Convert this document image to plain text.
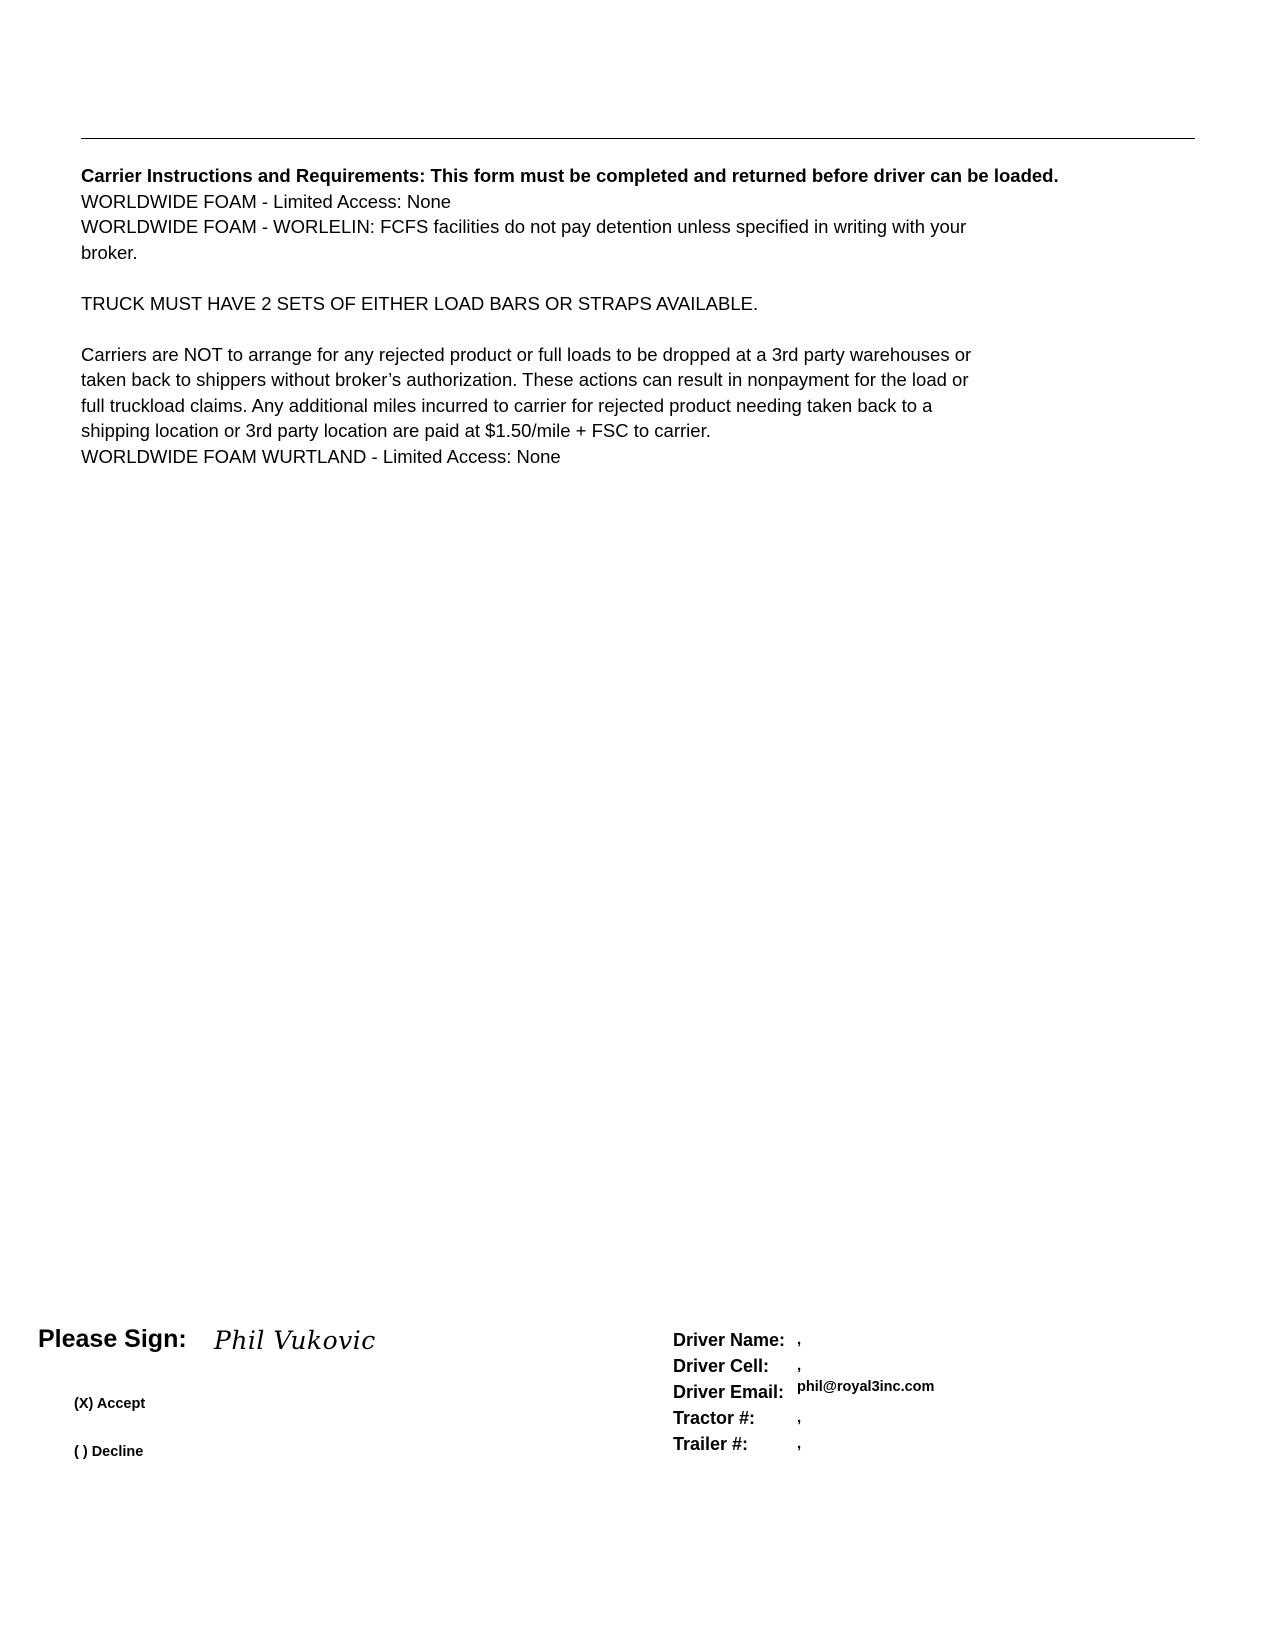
Carrier Instructions and Requirements: This form must be completed and returned before driver can be loaded.
WORLDWIDE FOAM - Limited Access: None
WORLDWIDE FOAM - WORLELIN: FCFS facilities do not pay detention unless specified in writing with your
broker.
TRUCK MUST HAVE 2 SETS OF EITHER LOAD BARS OR STRAPS AVAILABLE.
Carriers are NOT to arrange for any rejected product or full loads to be dropped at a 3rd party warehouses or
taken back to shippers without broker’s authorization. These actions can result in nonpayment for the load or
full truckload claims. Any additional miles incurred to carrier for rejected product needing taken back to a
shipping location or 3rd party location are paid at $1.50/mile + FSC to carrier.
WORLDWIDE FOAM WURTLAND - Limited Access: None
Please Sign: Phil Vukovic
(X) Accept
( ) Decline
Driver Name: ,
Driver Cell: ,
Driver Email: phil@royal3inc.com
Tractor #:	,
Trailer #:	,
